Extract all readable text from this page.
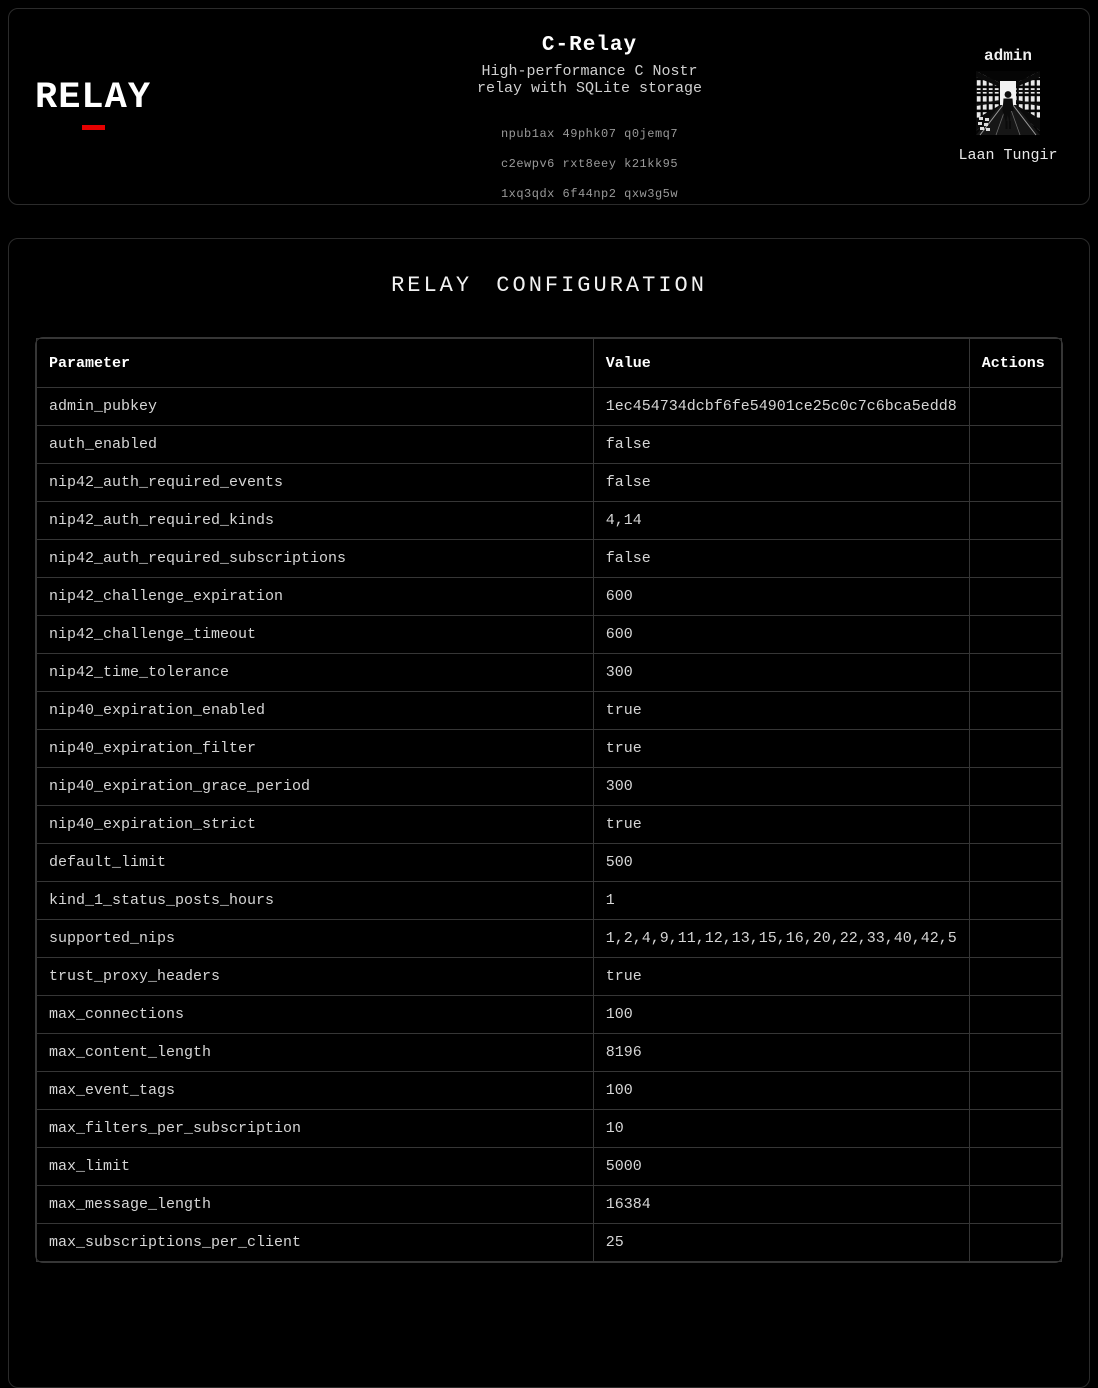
RELAY
C-Relay

High-performance C Nostr relay with SQLite storage

npub1ax 49phk07 q0jemq7

c2ewpv6 rxt8eey k21kk95

1xq3qdx 6f44np2 qxw3g5w

admin
Laan Tungir
RELAY CONFIGURATION
Parameter	Value	Actions
admin_pubkey	1ec454734dcbf6fe54901ce25c0c7c6bca5edd8	
auth_enabled	false	
nip42_auth_required_events	false	
nip42_auth_required_kinds	4,14	
nip42_auth_required_subscriptions	false	
nip42_challenge_expiration	600	
nip42_challenge_timeout	600	
nip42_time_tolerance	300	
nip40_expiration_enabled	true	
nip40_expiration_filter	true	
nip40_expiration_grace_period	300	
nip40_expiration_strict	true	
default_limit	500	
kind_1_status_posts_hours	1	
supported_nips	1,2,4,9,11,12,13,15,16,20,22,33,40,42,5	
trust_proxy_headers	true	
max_connections	100	
max_content_length	8196	
max_event_tags	100	
max_filters_per_subscription	10	
max_limit	5000	
max_message_length	16384	
max_subscriptions_per_client	25	
